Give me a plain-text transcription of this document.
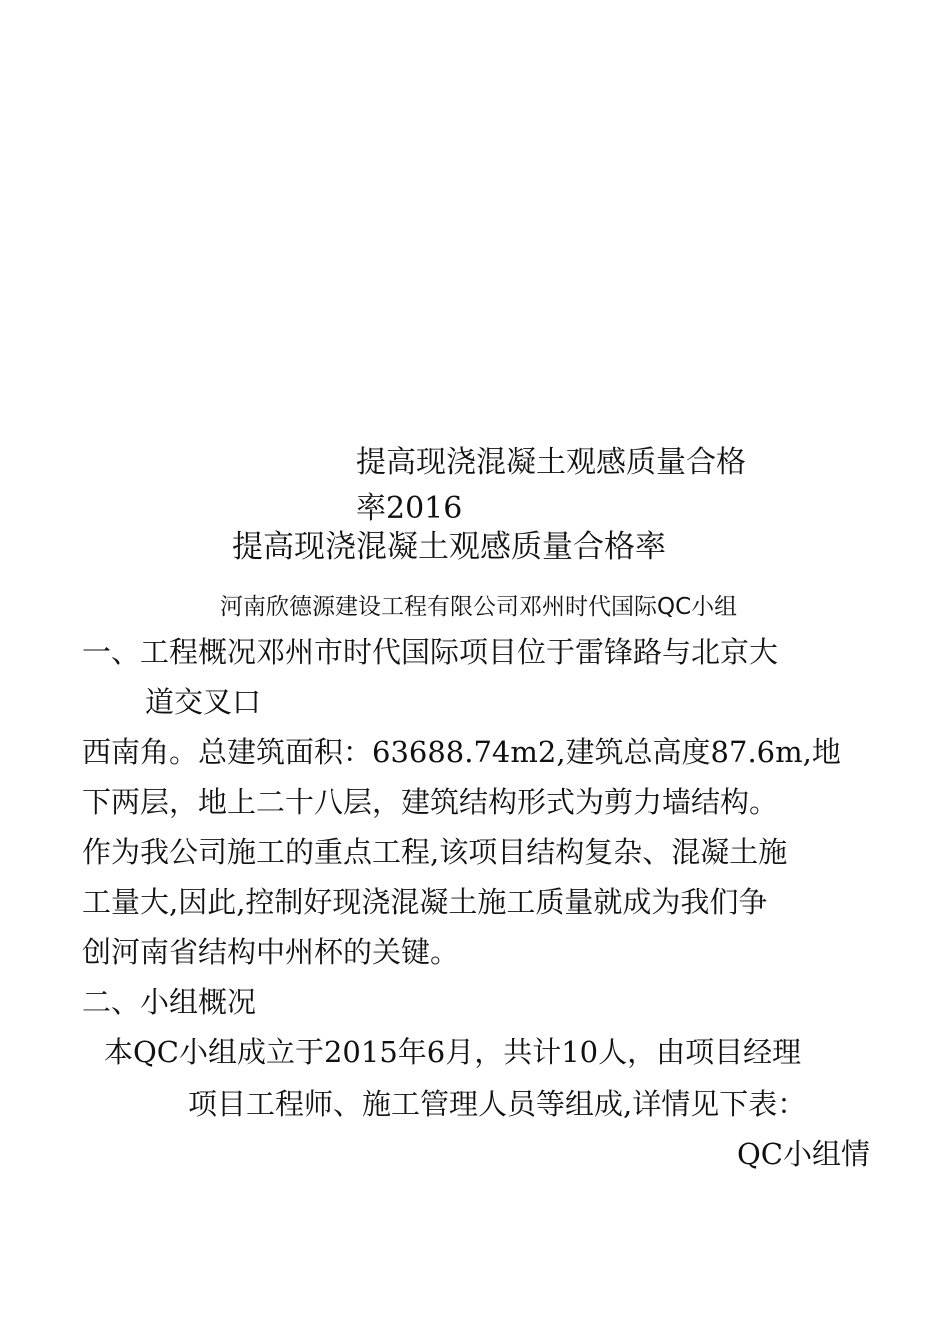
提高现浇混凝土观感质量合格
率2016
提高现浇混凝土观感质量合格率
河南欣德源建设工程有限公司邓州时代国际QC小组
一、工程概况邓州市时代国际项目位于雷锋路与北京大
道交叉口
西南角。总建筑面积：63688.74m2,建筑总高度87.6m,地
下两层，地上二十八层，建筑结构形式为剪力墙结构。
作为我公司施工的重点工程,该项目结构复杂、混凝土施
工量大,因此,控制好现浇混凝土施工质量就成为我们争
创河南省结构中州杯的关键。
二、小组概况
本QC小组成立于2015年6月，共计10人，由项目经理
项目工程师、施工管理人员等组成,详情见下表：
QC小组情
